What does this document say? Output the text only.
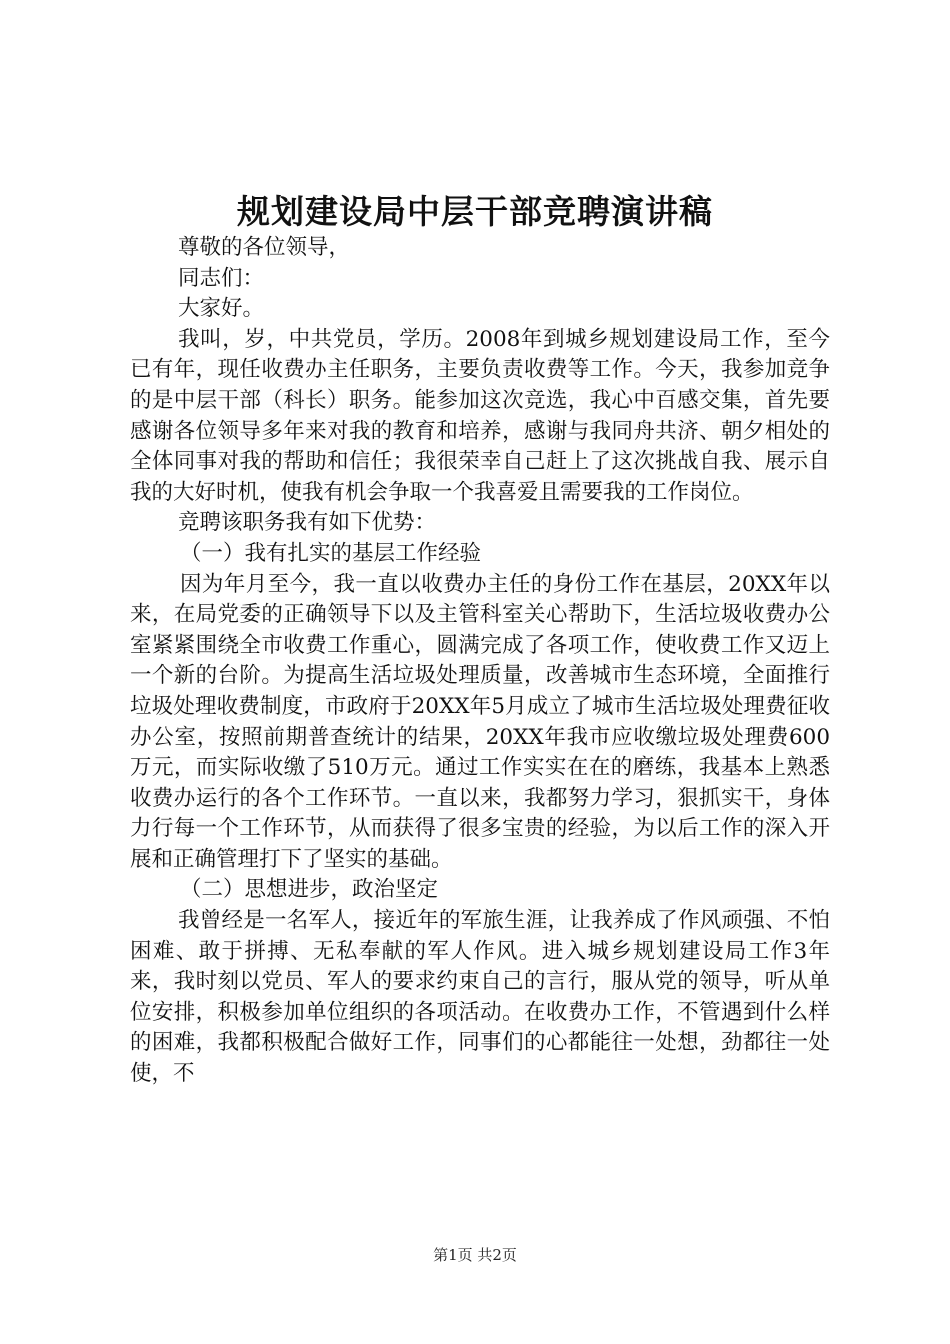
规划建设局中层干部竞聘演讲稿

尊敬的各位领导，

同志们：

大家好。

我叫，岁，中共党员，学历。2008年到城乡规划建设局工作，至今已有年，现任收费办主任职务，主要负责收费等工作。今天，我参加竞争的是中层干部（科长）职务。能参加这次竞选，我心中百感交集，首先要感谢各位领导多年来对我的教育和培养，感谢与我同舟共济、朝夕相处的全体同事对我的帮助和信任；我很荣幸自己赶上了这次挑战自我、展示自我的大好时机，使我有机会争取一个我喜爱且需要我的工作岗位。

竞聘该职务我有如下优势：

（一）我有扎实的基层工作经验

因为年月至今，我一直以收费办主任的身份工作在基层，20XX年以来，在局党委的正确领导下以及主管科室关心帮助下，生活垃圾收费办公室紧紧围绕全市收费工作重心，圆满完成了各项工作，使收费工作又迈上一个新的台阶。为提高生活垃圾处理质量，改善城市生态环境，全面推行垃圾处理收费制度，市政府于20XX年5月成立了城市生活垃圾处理费征收办公室，按照前期普查统计的结果，20XX年我市应收缴垃圾处理费600万元，而实际收缴了510万元。通过工作实实在在的磨练，我基本上熟悉收费办运行的各个工作环节。一直以来，我都努力学习，狠抓实干，身体力行每一个工作环节，从而获得了很多宝贵的经验，为以后工作的深入开展和正确管理打下了坚实的基础。

（二）思想进步，政治坚定

我曾经是一名军人，接近年的军旅生涯，让我养成了作风顽强、不怕困难、敢于拼搏、无私奉献的军人作风。进入城乡规划建设局工作3年来，我时刻以党员、军人的要求约束自己的言行，服从党的领导，听从单位安排，积极参加单位组织的各项活动。在收费办工作，不管遇到什么样的困难，我都积极配合做好工作，同事们的心都能往一处想，劲都往一处使，不

第1页 共2页
